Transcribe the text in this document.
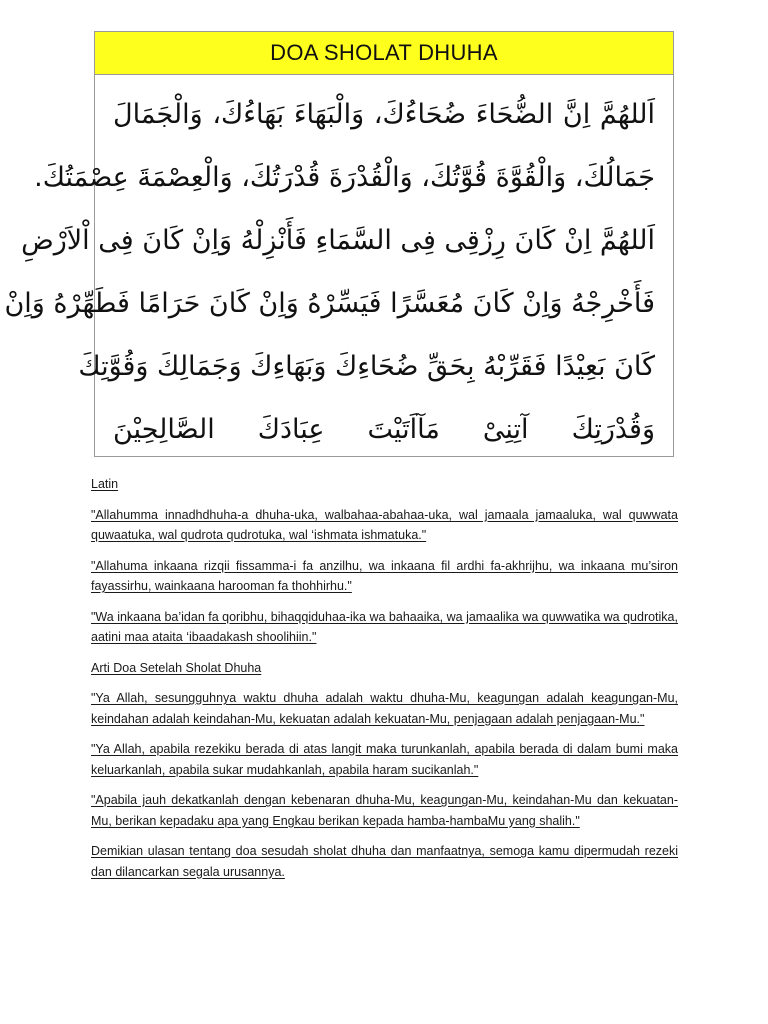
DOA SHOLAT DHUHA
اَللهُمَّ اِنَّ الضُّحَاءَ ضُحَاءُكَ، وَالْبَهَاءَ بَهَاءُكَ، وَالْجَمَالَ
جَمَالُكَ، وَالْقُوَّةَ قُوَّتُكَ، وَالْقُدْرَةَ قُدْرَتُكَ، وَالْعِصْمَةَ عِصْمَتُكَ.
اَللهُمَّ اِنْ كَانَ رِزْقِى فِى السَّمَاءِ فَأَنْزِلْهُ وَاِنْ كَانَ فِى اْلاَرْضِ
فَأَخْرِجْهُ وَاِنْ كَانَ مُعَسَّرًا فَيَسِّرْهُ وَاِنْ كَانَ حَرَامًا فَطَهِّرْهُ وَاِنْ
كَانَ بَعِيْدًا فَقَرِّبْهُ بِحَقِّ ضُحَاءِكَ وَبَهَاءِكَ وَجَمَالِكَ وَقُوَّتِكَ
وَقُدْرَتِكَ آتِنِىْ مَآاَتَيْتَ عِبَادَكَ الصَّالِحِيْنَ

Latin

"Allahumma innadhdhuha-a dhuha-uka, walbahaa-abahaa-uka, wal jamaala jamaaluka, wal quwwata quwaatuka, wal qudrota qudrotuka, wal ‘ishmata ishmatuka."

"Allahuma inkaana rizqii fissamma-i fa anzilhu, wa inkaana fil ardhi fa-akhrijhu, wa inkaana mu’siron fayassirhu, wainkaana harooman fa thohhirhu."

"Wa inkaana ba’idan fa qoribhu, bihaqqiduhaa-ika wa bahaaika, wa jamaalika wa quwwatika wa qudrotika, aatini maa ataita ‘ibaadakash shoolihiin."

Arti Doa Setelah Sholat Dhuha

"Ya Allah, sesungguhnya waktu dhuha adalah waktu dhuha-Mu, keagungan adalah keagungan-Mu, keindahan adalah keindahan-Mu, kekuatan adalah kekuatan-Mu, penjagaan adalah penjagaan-Mu."

"Ya Allah, apabila rezekiku berada di atas langit maka turunkanlah, apabila berada di dalam bumi maka keluarkanlah, apabila sukar mudahkanlah, apabila haram sucikanlah."

"Apabila jauh dekatkanlah dengan kebenaran dhuha-Mu, keagungan-Mu, keindahan-Mu dan kekuatan-Mu, berikan kepadaku apa yang Engkau berikan kepada hamba-hambaMu yang shalih."

Demikian ulasan tentang doa sesudah sholat dhuha dan manfaatnya, semoga kamu dipermudah rezeki dan dilancarkan segala urusannya.
